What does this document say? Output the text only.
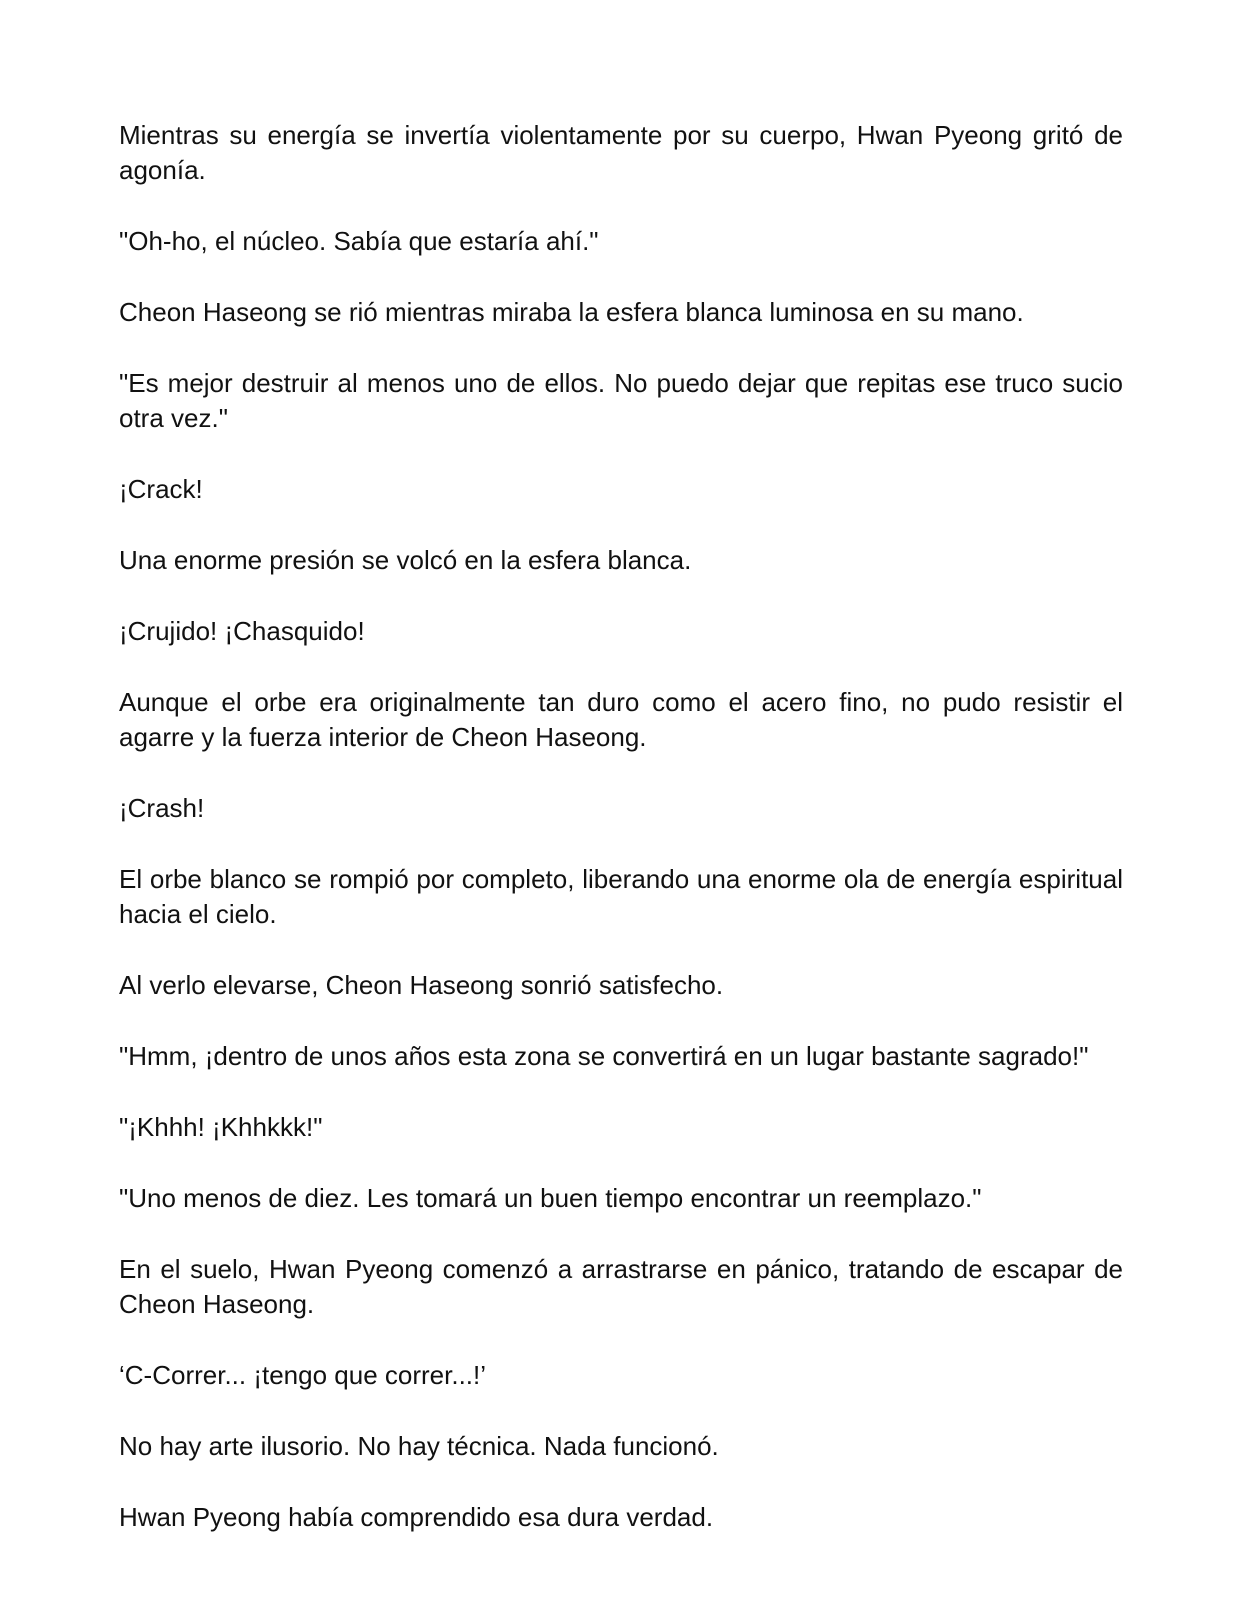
Mientras su energía se invertía violentamente por su cuerpo, Hwan Pyeong gritó de agonía.

"Oh-ho, el núcleo. Sabía que estaría ahí."

Cheon Haseong se rió mientras miraba la esfera blanca luminosa en su mano.

"Es mejor destruir al menos uno de ellos. No puedo dejar que repitas ese truco sucio otra vez."

¡Crack!

Una enorme presión se volcó en la esfera blanca.

¡Crujido! ¡Chasquido!

Aunque el orbe era originalmente tan duro como el acero fino, no pudo resistir el agarre y la fuerza interior de Cheon Haseong.

¡Crash!

El orbe blanco se rompió por completo, liberando una enorme ola de energía espiritual hacia el cielo.

Al verlo elevarse, Cheon Haseong sonrió satisfecho.

"Hmm, ¡dentro de unos años esta zona se convertirá en un lugar bastante sagrado!"

"¡Khhh! ¡Khhkkk!"

"Uno menos de diez. Les tomará un buen tiempo encontrar un reemplazo."

En el suelo, Hwan Pyeong comenzó a arrastrarse en pánico, tratando de escapar de Cheon Haseong.

‘C-Correr... ¡tengo que correr...!’

No hay arte ilusorio. No hay técnica. Nada funcionó.

Hwan Pyeong había comprendido esa dura verdad.
